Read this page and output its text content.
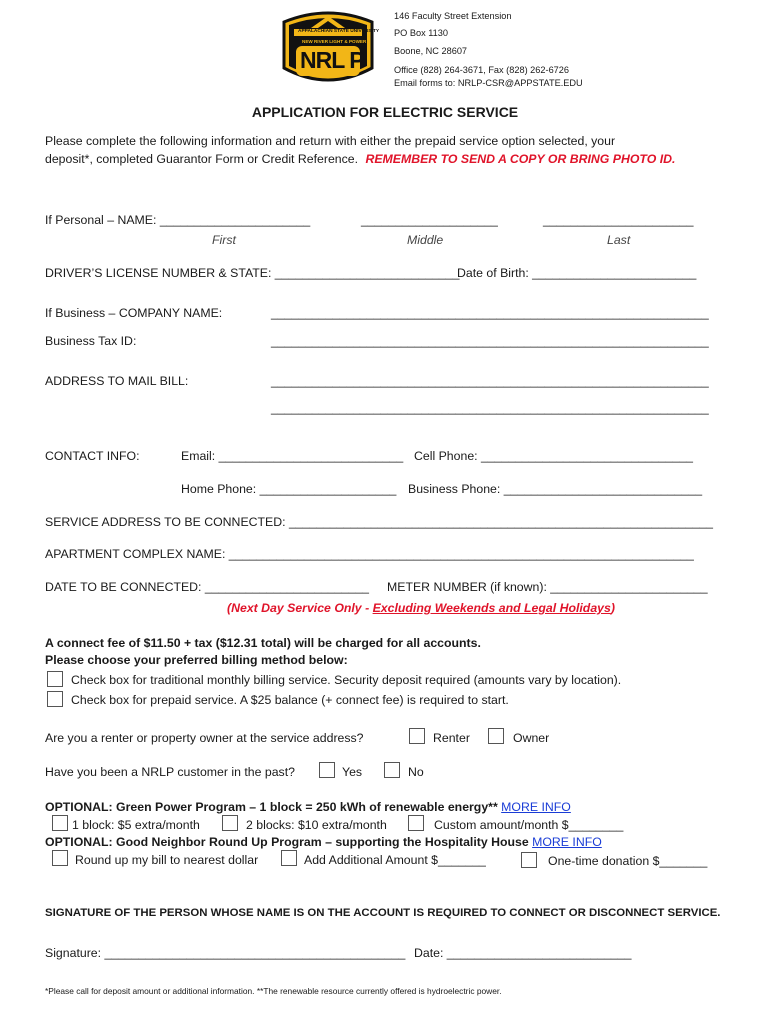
APPALACHIAN STATE UNIVERSITY
NEW RIVER LIGHT & POWER
NRL P
146 Faculty Street Extension
PO Box 1130
Boone, NC 28607
Office (828) 264-3671, Fax (828) 262-6726
Email forms to: NRLP-CSR@APPSTATE.EDU
APPLICATION FOR ELECTRIC SERVICE
Please complete the following information and return with either the prepaid service option selected, your
deposit*, completed Guarantor Form or Credit Reference. REMEMBER TO SEND A COPY OR BRING PHOTO ID.
If Personal – NAME: ______________________	____________________	______________________
First	Middle	Last
DRIVER’S LICENSE NUMBER & STATE: ___________________________
Date of Birth: ________________________
If Business – COMPANY NAME:	________________________________________________________________
Business Tax ID:	________________________________________________________________
ADDRESS TO MAIL BILL:	________________________________________________________________
________________________________________________________________
CONTACT INFO:	Email: ___________________________ Cell Phone: _______________________________
Home Phone: ____________________ Business Phone: _____________________________
SERVICE ADDRESS TO BE CONNECTED: ______________________________________________________________
APARTMENT COMPLEX NAME: ____________________________________________________________________
DATE TO BE CONNECTED: ________________________ METER NUMBER (if known): _______________________
(Next Day Service Only - Excluding Weekends and Legal Holidays)
A connect fee of $11.50 + tax ($12.31 total) will be charged for all accounts.
Please choose your preferred billing method below:
Check box for traditional monthly billing service. Security deposit required (amounts vary by location).
Check box for prepaid service. A $25 balance (+ connect fee) is required to start.
Are you a renter or property owner at the service address?	Renter	Owner
Have you been a NRLP customer in the past?	Yes	No
OPTIONAL: Green Power Program – 1 block = 250 kWh of renewable energy** MORE INFO
1 block: $5 extra/month	2 blocks: $10 extra/month	Custom amount/month $________
OPTIONAL: Good Neighbor Round Up Program – supporting the Hospitality House MORE INFO
Round up my bill to nearest dollar	Add Additional Amount $_______	One-time donation $_______
SIGNATURE OF THE PERSON WHOSE NAME IS ON THE ACCOUNT IS REQUIRED TO CONNECT OR DISCONNECT SERVICE.
Signature: ____________________________________________ Date: ___________________________
*Please call for deposit amount or additional information. **The renewable resource currently offered is hydroelectric power.
